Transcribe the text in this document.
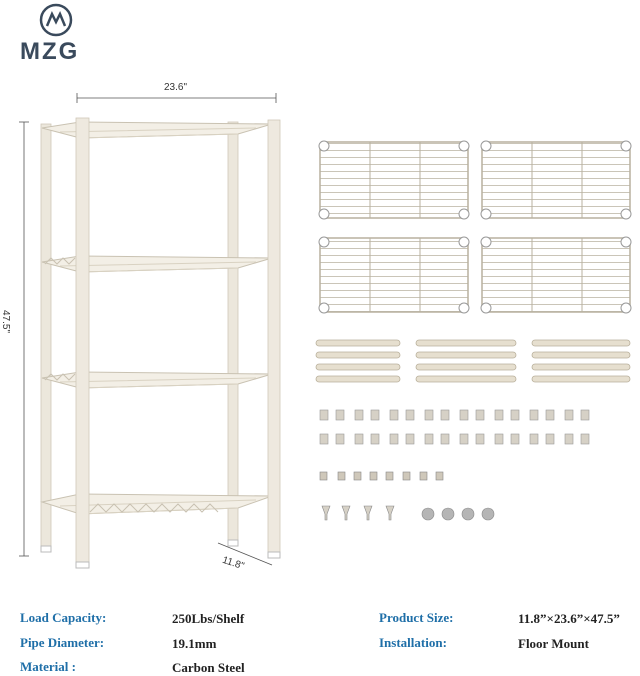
MZG
23.6"
47.5"
11.8"
Load Capacity:	250Lbs/Shelf
Pipe Diameter:	19.1mm
Material :	Carbon Steel
Product Size:	11.8”×23.6”×47.5”
Installation:	Floor Mount
